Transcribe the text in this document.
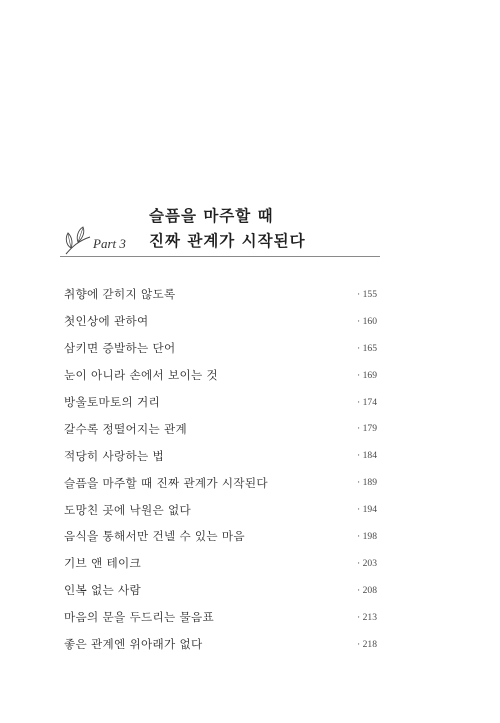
슬픔을 마주할 때
진짜 관계가 시작된다
Part 3
취향에 갇히지 않도록	· 155
첫인상에 관하여	· 160
삼키면 증발하는 단어	· 165
눈이 아니라 손에서 보이는 것	· 169
방울토마토의 거리	· 174
갈수록 정떨어지는 관계	· 179
적당히 사랑하는 법	· 184
슬픔을 마주할 때 진짜 관계가 시작된다	· 189
도망친 곳에 낙원은 없다	· 194
음식을 통해서만 건넬 수 있는 마음	· 198
기브 앤 테이크	· 203
인복 없는 사람	· 208
마음의 문을 두드리는 물음표	· 213
좋은 관계엔 위아래가 없다	· 218
